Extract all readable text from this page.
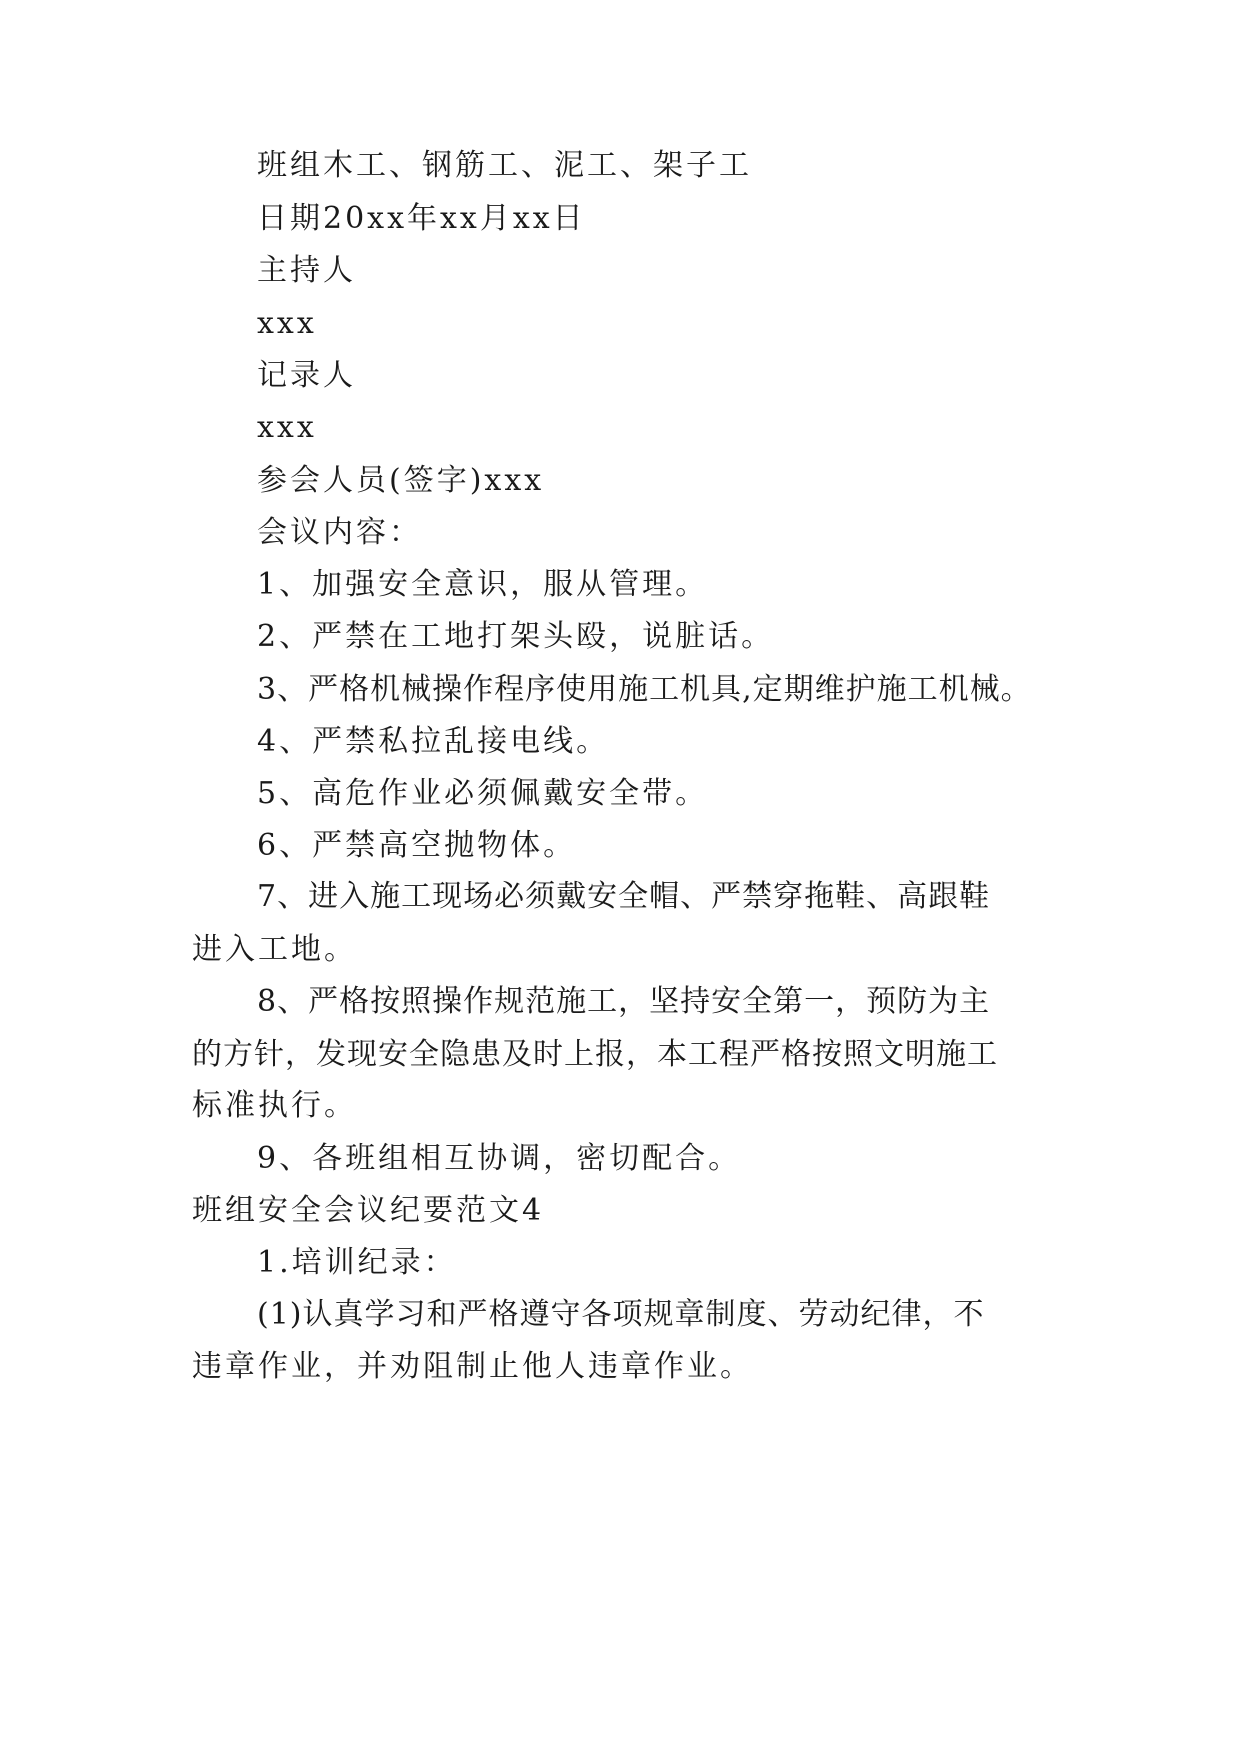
班组木工、钢筋工、泥工、架子工
日期20xx年xx月xx日
主持人
xxx
记录人
xxx
参会人员(签字)xxx
会议内容：
1、加强安全意识，服从管理。
2、严禁在工地打架头殴，说脏话。
3、严格机械操作程序使用施工机具,定期维护施工机械。
4、严禁私拉乱接电线。
5、高危作业必须佩戴安全带。
6、严禁高空抛物体。
7、进入施工现场必须戴安全帽、严禁穿拖鞋、高跟鞋
进入工地。
8、严格按照操作规范施工，坚持安全第一，预防为主
的方针，发现安全隐患及时上报，本工程严格按照文明施工
标准执行。
9、各班组相互协调，密切配合。
班组安全会议纪要范文4
1.培训纪录：
(1)认真学习和严格遵守各项规章制度、劳动纪律，不
违章作业，并劝阻制止他人违章作业。
